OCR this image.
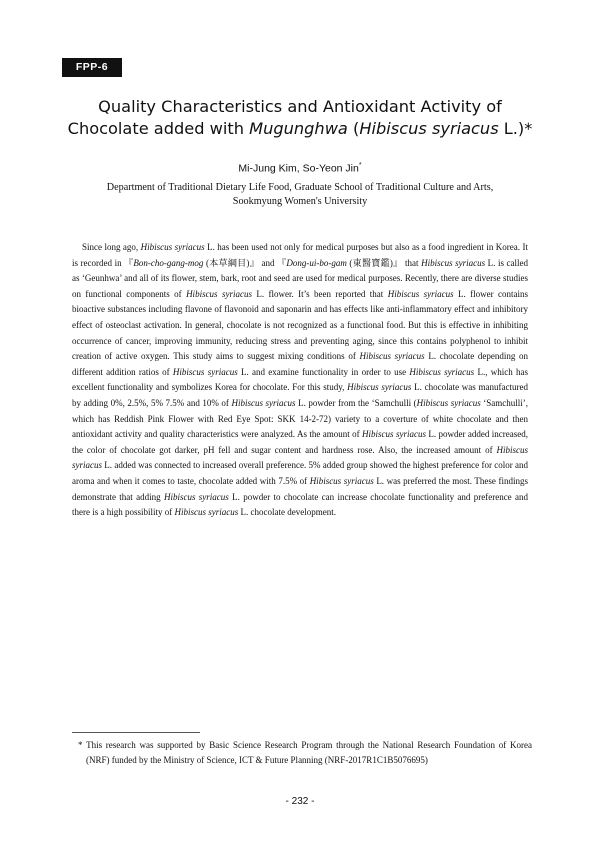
FPP-6
Quality Characteristics and Antioxidant Activity of
Chocolate added with Mugunghwa (Hibiscus syriacus L.)*
Mi-Jung Kim, So-Yeon Jin*
Department of Traditional Dietary Life Food, Graduate School of Traditional Culture and Arts,
Sookmyung Women's University
Since long ago, Hibiscus syriacus L. has been used not only for medical purposes but also as a food ingredient in Korea. It is recorded in 『Bon-cho-gang-mog (本草綱目)』 and 『Dong-ui-bo-gam (東醫寶鑑)』 that Hibiscus syriacus L. is called as ‘Geunhwa’ and all of its flower, stem, bark, root and seed are used for medical purposes. Recently, there are diverse studies on functional components of Hibiscus syriacus L. flower. It’s been reported that Hibiscus syriacus L. flower contains bioactive substances including flavone of flavonoid and saponarin and has effects like anti-inflammatory effect and inhibitory effect of osteoclast activation. In general, chocolate is not recognized as a functional food. But this is effective in inhibiting occurrence of cancer, improving immunity, reducing stress and preventing aging, since this contains polyphenol to inhibit creation of active oxygen. This study aims to suggest mixing conditions of Hibiscus syriacus L. chocolate depending on different addition ratios of Hibiscus syriacus L. and examine functionality in order to use Hibiscus syriacus L., which has excellent functionality and symbolizes Korea for chocolate. For this study, Hibiscus syriacus L. chocolate was manufactured by adding 0%, 2.5%, 5% 7.5% and 10% of Hibiscus syriacus L. powder from the ‘Samchulli (Hibiscus syriacus ‘Samchulli’, which has Reddish Pink Flower with Red Eye Spot: SKK 14-2-72) variety to a coverture of white chocolate and then antioxidant activity and quality characteristics were analyzed. As the amount of Hibiscus syriacus L. powder added increased, the color of chocolate got darker, pH fell and sugar content and hardness rose. Also, the increased amount of Hibiscus syriacus L. added was connected to increased overall preference. 5% added group showed the highest preference for color and aroma and when it comes to taste, chocolate added with 7.5% of Hibiscus syriacus L. was preferred the most. These findings demonstrate that adding Hibiscus syriacus L. powder to chocolate can increase chocolate functionality and preference and there is a high possibility of Hibiscus syriacus L. chocolate development.
* This research was supported by Basic Science Research Program through the National Research Foundation of Korea (NRF) funded by the Ministry of Science, ICT & Future Planning (NRF-2017R1C1B5076695)
- 232 -
